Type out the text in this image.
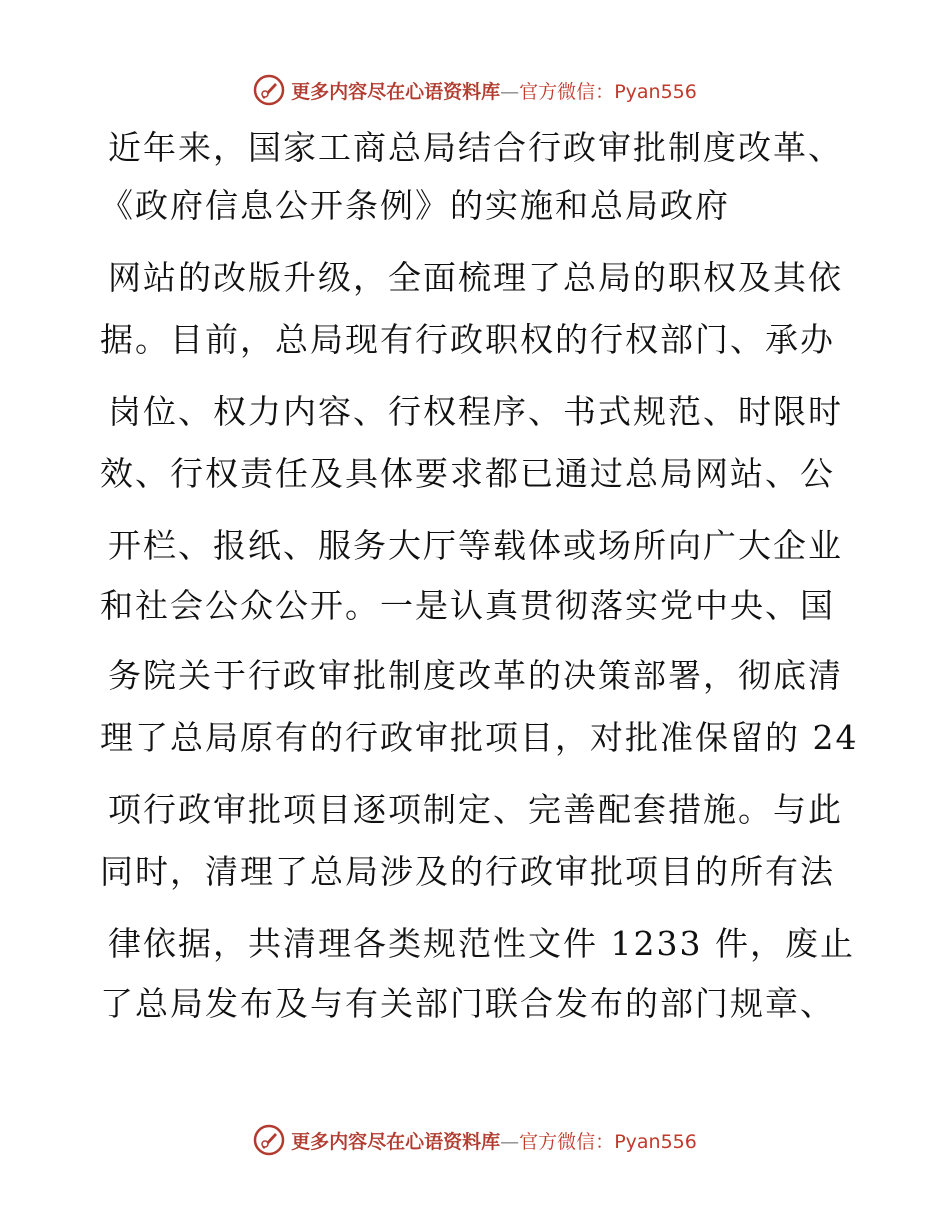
更多内容尽在心语资料库—官方微信：Pyan556
近年来，国家工商总局结合行政审批制度改革、
《政府信息公开条例》的实施和总局政府
网站的改版升级，全面梳理了总局的职权及其依
据。目前，总局现有行政职权的行权部门、承办
岗位、权力内容、行权程序、书式规范、时限时
效、行权责任及具体要求都已通过总局网站、公
开栏、报纸、服务大厅等载体或场所向广大企业
和社会公众公开。一是认真贯彻落实党中央、国
务院关于行政审批制度改革的决策部署，彻底清
理了总局原有的行政审批项目，对批准保留的 24
项行政审批项目逐项制定、完善配套措施。与此
同时，清理了总局涉及的行政审批项目的所有法
律依据，共清理各类规范性文件 1233 件，废止
了总局发布及与有关部门联合发布的部门规章、
更多内容尽在心语资料库—官方微信：Pyan556
